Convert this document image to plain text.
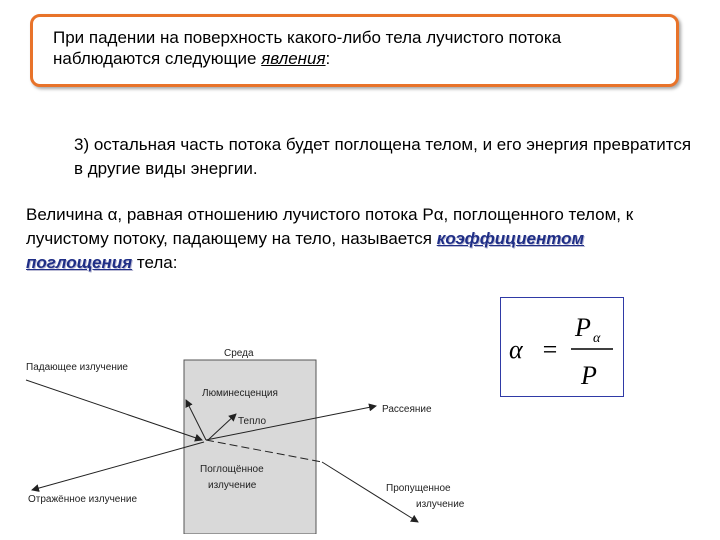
При падении на поверхность какого-либо тела лучистого потока наблюдаются следующие явления:
3) остальная часть потока будет поглощена телом, и его энергия превратится в другие виды энергии.
Величина α, равная отношению лучистого потока Pα, поглощенного телом, к лучистому потоку, падающему на тело, называется коэффициентом поглощения тела:
α =
P α
P
Среда
Падающее излучение
Отражённое излучение
Люминесценция
Тепло
Рассеяние
Пропущенное
излучение
Поглощённое
излучение
